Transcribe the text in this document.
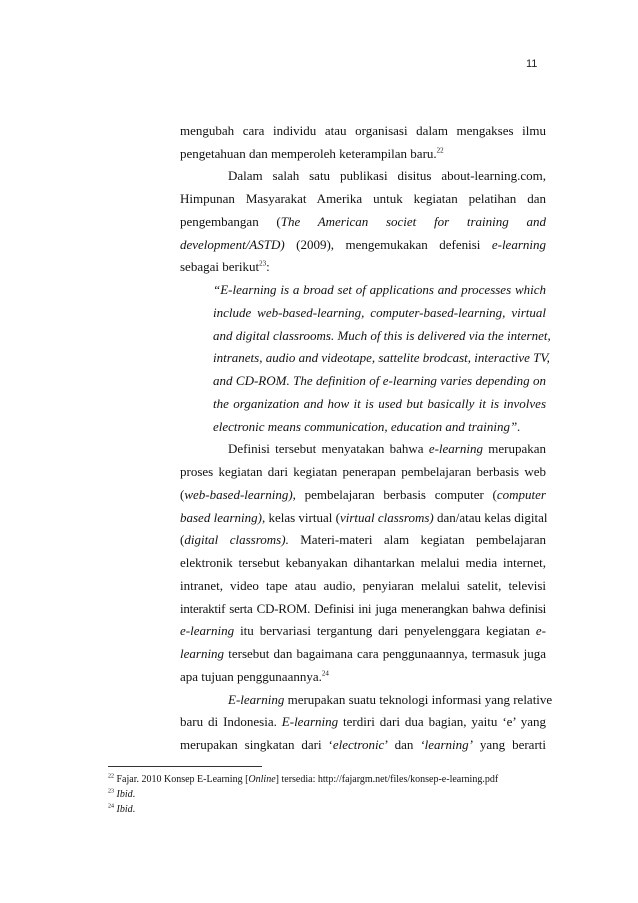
11
mengubah cara individu atau organisasi dalam mengakses ilmu
pengetahuan dan memperoleh keterampilan baru.$^{22}$
Dalam salah satu publikasi disitus about-learning.com,
Himpunan Masyarakat Amerika untuk kegiatan pelatihan dan
pengembangan (The American societ for training and
development/ASTD) (2009), mengemukakan defenisi e-learning
sebagai berikut$^{23}$:
“E-learning is a broad set of applications and processes which
include web-based-learning, computer-based-learning, virtual
and digital classrooms. Much of this is delivered via the internet,
intranets, audio and videotape, sattelite brodcast, interactive TV,
and CD-ROM. The definition of e-learning varies depending on
the organization and how it is used but basically it is involves
electronic means communication, education and training”.
Definisi tersebut menyatakan bahwa e-learning merupakan
proses kegiatan dari kegiatan penerapan pembelajaran berbasis web
(web-based-learning), pembelajaran berbasis computer (computer
based learning), kelas virtual (virtual classroms) dan/atau kelas digital
(digital classroms). Materi-materi alam kegiatan pembelajaran
elektronik tersebut kebanyakan dihantarkan melalui media internet,
intranet, video tape atau audio, penyiaran melalui satelit, televisi
interaktif serta CD-ROM. Definisi ini juga menerangkan bahwa definisi
e-learning itu bervariasi tergantung dari penyelenggara kegiatan e-
learning tersebut dan bagaimana cara penggunaannya, termasuk juga
apa tujuan penggunaannya.$^{24}$
E-learning merupakan suatu teknologi informasi yang relative
baru di Indonesia. E-learning terdiri dari dua bagian, yaitu ‘e’ yang
merupakan singkatan dari ‘electronic’ dan ‘learning’ yang berarti
$^{22}$ Fajar. 2010 Konsep E-Learning [Online] tersedia: http://fajargm.net/files/konsep-e-learning.pdf
$^{23}$ Ibid.
$^{24}$ Ibid.
